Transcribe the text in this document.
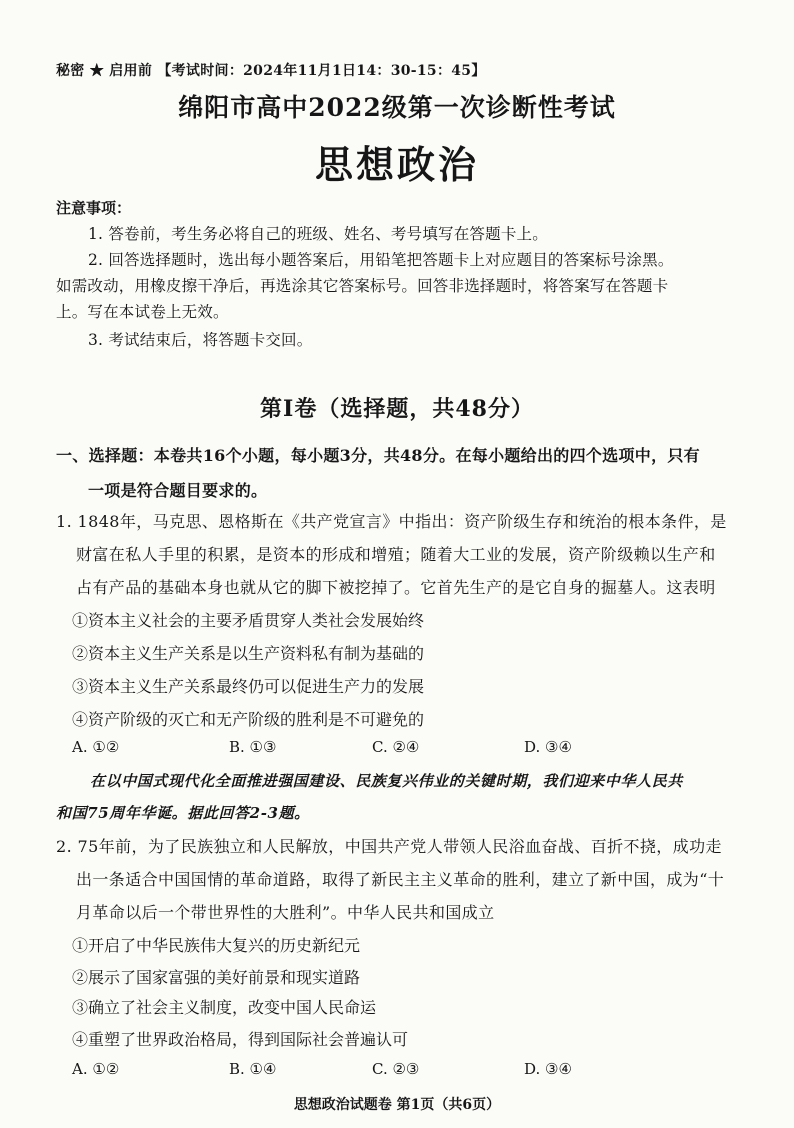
秘密 ★ 启用前 【考试时间：2024年11月1日14：30-15：45】
绵阳市高中2022级第一次诊断性考试
思想政治
注意事项：
1. 答卷前，考生务必将自己的班级、姓名、考号填写在答题卡上。
2. 回答选择题时，选出每小题答案后，用铅笔把答题卡上对应题目的答案标号涂黑。
如需改动，用橡皮擦干净后，再选涂其它答案标号。回答非选择题时，将答案写在答题卡
上。写在本试卷上无效。
3. 考试结束后，将答题卡交回。
第Ⅰ卷（选择题，共48分）
一、选择题：本卷共16个小题，每小题3分，共48分。在每小题给出的四个选项中，只有
一项是符合题目要求的。
1. 1848年，马克思、恩格斯在《共产党宣言》中指出：资产阶级生存和统治的根本条件，是
财富在私人手里的积累，是资本的形成和增殖；随着大工业的发展，资产阶级赖以生产和
占有产品的基础本身也就从它的脚下被挖掉了。它首先生产的是它自身的掘墓人。这表明
①资本主义社会的主要矛盾贯穿人类社会发展始终
②资本主义生产关系是以生产资料私有制为基础的
③资本主义生产关系最终仍可以促进生产力的发展
④资产阶级的灭亡和无产阶级的胜利是不可避免的
A. ①②	B. ①③	C. ②④	D. ③④
在以中国式现代化全面推进强国建设、民族复兴伟业的关键时期，我们迎来中华人民共
和国75周年华诞。据此回答2-3题。
2. 75年前，为了民族独立和人民解放，中国共产党人带领人民浴血奋战、百折不挠，成功走
出一条适合中国国情的革命道路，取得了新民主主义革命的胜利，建立了新中国，成为“十
月革命以后一个带世界性的大胜利”。中华人民共和国成立
①开启了中华民族伟大复兴的历史新纪元
②展示了国家富强的美好前景和现实道路
③确立了社会主义制度，改变中国人民命运
④重塑了世界政治格局，得到国际社会普遍认可
A. ①②	B. ①④	C. ②③	D. ③④
思想政治试题卷 第1页（共6页）
